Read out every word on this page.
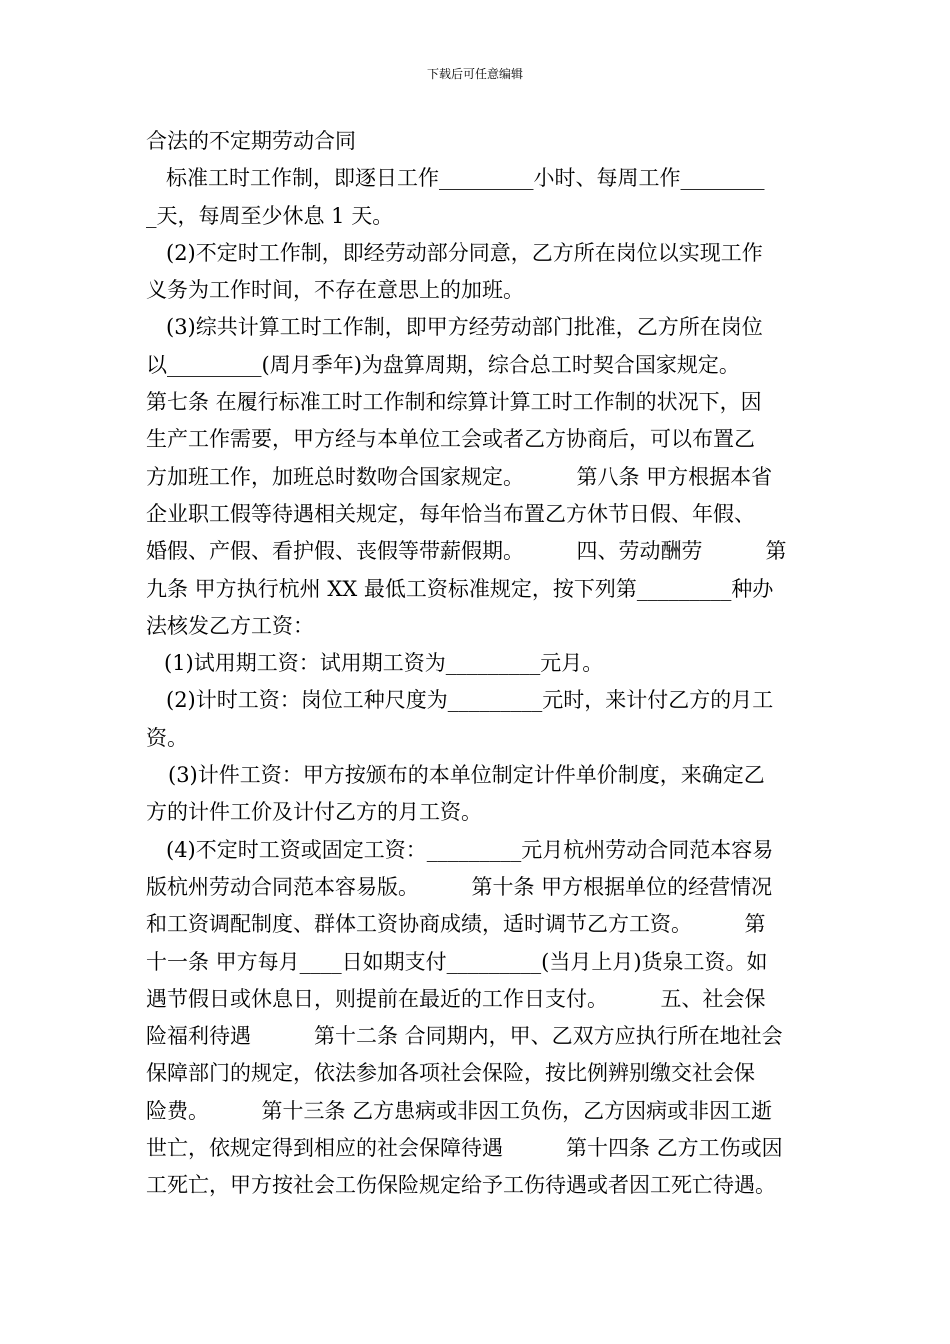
下载后可任意编辑
合法的不定期劳动合同
标准工时工作制，即逐日工作_________小时、每周工作________
_天，每周至少休息 1 天。
(2)不定时工作制，即经劳动部分同意，乙方所在岗位以实现工作
义务为工作时间，不存在意思上的加班。
(3)综共计算工时工作制，即甲方经劳动部门批准，乙方所在岗位
以_________(周月季年)为盘算周期，综合总工时契合国家规定。
第七条 在履行标准工时工作制和综算计算工时工作制的状况下，因
生产工作需要，甲方经与本单位工会或者乙方协商后，可以布置乙
方加班工作，加班总时数吻合国家规定。　　　第八条 甲方根据本省
企业职工假等待遇相关规定，每年恰当布置乙方休节日假、年假、
婚假、产假、看护假、丧假等带薪假期。　　　四、劳动酬劳　　　第
九条 甲方执行杭州 XX 最低工资标准规定，按下列第_________种办
法核发乙方工资：
(1)试用期工资：试用期工资为_________元月。
(2)计时工资：岗位工种尺度为_________元时，来计付乙方的月工
资。
(3)计件工资：甲方按颁布的本单位制定计件单价制度，来确定乙
方的计件工价及计付乙方的月工资。
(4)不定时工资或固定工资：_________元月杭州劳动合同范本容易
版杭州劳动合同范本容易版。　　　第十条 甲方根据单位的经营情况
和工资调配制度、群体工资协商成绩，适时调节乙方工资。　　　第
十一条 甲方每月____日如期支付_________(当月上月)货泉工资。如
遇节假日或休息日，则提前在最近的工作日支付。　　　五、社会保
险福利待遇　　　第十二条 合同期内，甲、乙双方应执行所在地社会
保障部门的规定，依法参加各项社会保险，按比例辨别缴交社会保
险费。　　　第十三条 乙方患病或非因工负伤，乙方因病或非因工逝
世亡，依规定得到相应的社会保障待遇　　　第十四条 乙方工伤或因
工死亡，甲方按社会工伤保险规定给予工伤待遇或者因工死亡待遇。
